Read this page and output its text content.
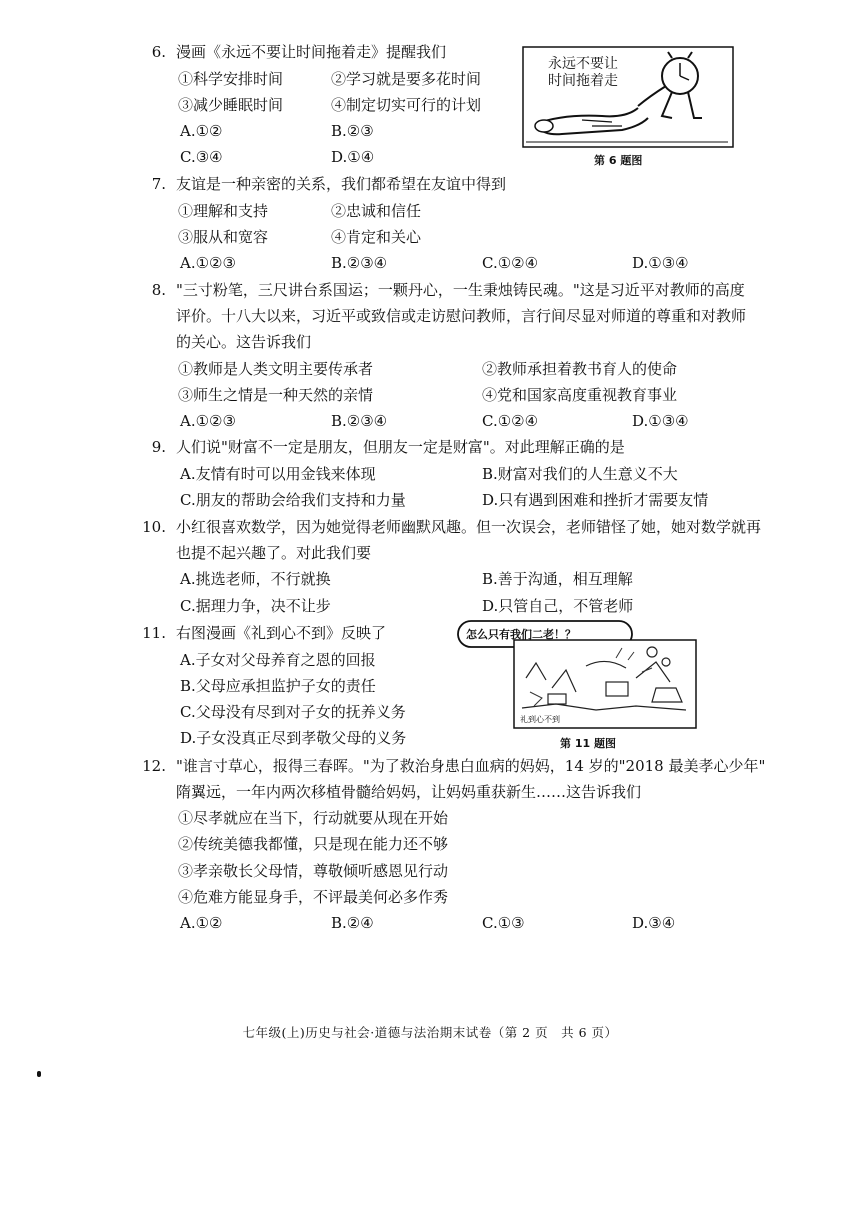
6. 漫画《永远不要让时间拖着走》提醒我们
①科学安排时间	②学习就是要多花时间
③减少睡眠时间	④制定切实可行的计划
A.①②	B.②③
C.③④	D.①④
永远不要让
时间拖着走
第 6 题图
7. 友谊是一种亲密的关系，我们都希望在友谊中得到
①理解和支持	②忠诚和信任
③服从和宽容	④肯定和关心
A.①②③	B.②③④	C.①②④	D.①③④
8. "三寸粉笔，三尺讲台系国运；一颗丹心，一生秉烛铸民魂。"这是习近平对教师的高度
评价。十八大以来，习近平或致信或走访慰问教师，言行间尽显对师道的尊重和对教师
的关心。这告诉我们
①教师是人类文明主要传承者	②教师承担着教书育人的使命
③师生之情是一种天然的亲情	④党和国家高度重视教育事业
A.①②③	B.②③④	C.①②④	D.①③④
9. 人们说"财富不一定是朋友，但朋友一定是财富"。对此理解正确的是
A.友情有时可以用金钱来体现	B.财富对我们的人生意义不大
C.朋友的帮助会给我们支持和力量	D.只有遇到困难和挫折才需要友情
10. 小红很喜欢数学，因为她觉得老师幽默风趣。但一次误会，老师错怪了她，她对数学就再
也提不起兴趣了。对此我们要
A.挑选老师，不行就换	B.善于沟通，相互理解
C.据理力争，决不让步	D.只管自己，不管老师
11. 右图漫画《礼到心不到》反映了
A.子女对父母养育之恩的回报
B.父母应承担监护子女的责任
C.父母没有尽到对子女的抚养义务
D.子女没真正尽到孝敬父母的义务
怎么只有我们二老！？
礼到心不到
第 11 题图
12. "谁言寸草心，报得三春晖。"为了救治身患白血病的妈妈，14 岁的"2018 最美孝心少年"
隋翼远，一年内两次移植骨髓给妈妈，让妈妈重获新生……这告诉我们
①尽孝就应在当下，行动就要从现在开始
②传统美德我都懂，只是现在能力还不够
③孝亲敬长父母情，尊敬倾听感恩见行动
④危难方能显身手，不评最美何必多作秀
A.①②	B.②④	C.①③	D.③④
七年级(上)历史与社会·道德与法治期末试卷（第 2 页　共 6 页）
